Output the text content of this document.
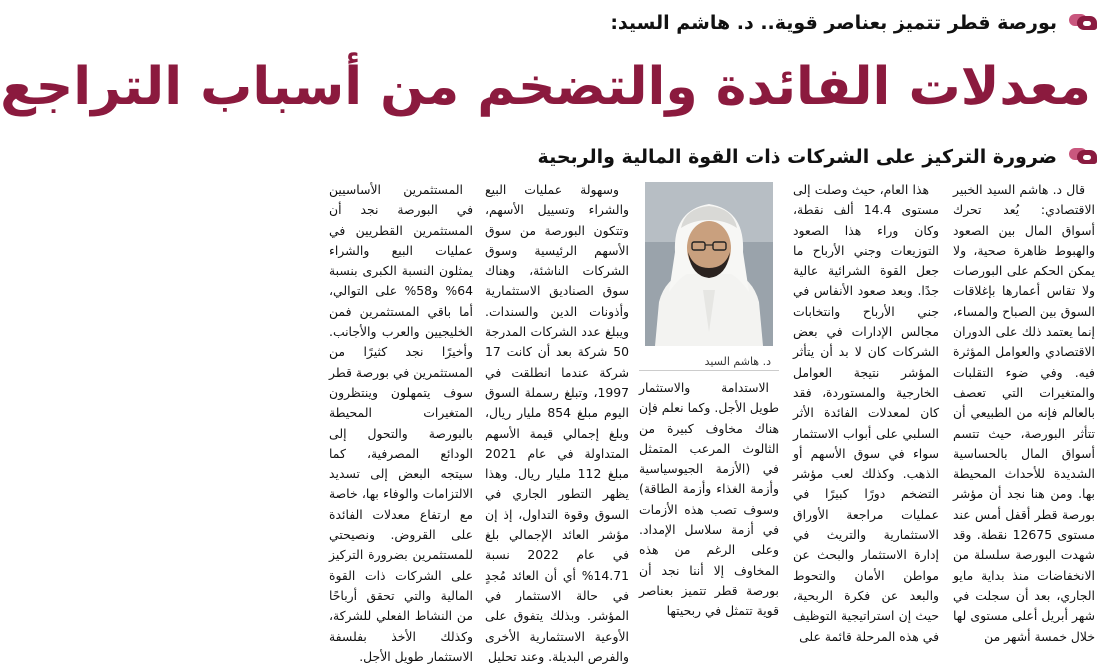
بورصة قطر تتميز بعناصر قوية.. د. هاشم السيد:
معدلات الفائدة والتضخم من أسباب التراجع
ضرورة التركيز على الشركات ذات القوة المالية والربحية

قال د. هاشم السيد الخبير الاقتصادي: يُعد تحرك أسواق المال بين الصعود والهبوط ظاهرة صحية، ولا يمكن الحكم على البورصات ولا تقاس أعمارها بإغلاقات السوق بين الصباح والمساء، إنما يعتمد ذلك على الدوران الاقتصادي والعوامل المؤثرة فيه. وفي ضوء التقلبات والمتغيرات التي تعصف بالعالم فإنه من الطبيعي أن تتأثر البورصة، حيث تتسم أسواق المال بالحساسية الشديدة للأحداث المحيطة بها. ومن هنا نجد أن مؤشر بورصة قطر أقفل أمس عند مستوى 12675 نقطة. وقد شهدت البورصة سلسلة من الانخفاضات منذ بداية مايو الجاري، بعد أن سجلت في شهر أبريل أعلى مستوى لها خلال خمسة أشهر من

هذا العام، حيث وصلت إلى مستوى 14.4 ألف نقطة، وكان وراء هذا الصعود التوزيعات وجني الأرباح ما جعل القوة الشرائية عالية جدًا. وبعد صعود الأنفاس في جني الأرباح وانتخابات مجالس الإدارات في بعض الشركات كان لا بد أن يتأثر المؤشر نتيجة العوامل الخارجية والمستوردة، فقد كان لمعدلات الفائدة الأثر السلبي على أبواب الاستثمار سواء في سوق الأسهم أو الذهب. وكذلك لعب مؤشر التضخم دورًا كبيرًا في عمليات مراجعة الأوراق الاستثمارية والتريث في إدارة الاستثمار والبحث عن مواطن الأمان والتحوط والبعد عن فكرة الربحية، حيث إن استراتيجية التوظيف في هذه المرحلة قائمة على

د. هاشم السيد

الاستدامة والاستثمار طويل الأجل. وكما نعلم فإن هناك مخاوف كبيرة من الثالوث المرعب المتمثل في (الأزمة الجيوسياسية وأزمة الغذاء وأزمة الطاقة) وسوف تصب هذه الأزمات في أزمة سلاسل الإمداد. وعلى الرغم من هذه المخاوف إلا أننا نجد أن بورصة قطر تتميز بعناصر قوية تتمثل في ربحيتها

وسهولة عمليات البيع والشراء وتسييل الأسهم، وتتكون البورصة من سوق الأسهم الرئيسية وسوق الشركات الناشئة، وهناك سوق الصناديق الاستثمارية وأذونات الدين والسندات. ويبلغ عدد الشركات المدرجة 50 شركة بعد أن كانت 17 شركة عندما انطلقت في 1997، وتبلغ رسملة السوق اليوم مبلغ 854 مليار ريال، وبلغ إجمالي قيمة الأسهم المتداولة في عام 2021 مبلغ 112 مليار ريال. وهذا يظهر التطور الجاري في السوق وقوة التداول، إذ إن مؤشر العائد الإجمالي بلغ في عام 2022 نسبة 14.71% أي أن العائد مُجدٍ في حالة الاستثمار في المؤشر. وبذلك يتفوق على الأوعية الاستثمارية الأخرى والفرص البديلة. وعند تحليل

المستثمرين الأساسيين في البورصة نجد أن المستثمرين القطريين في عمليات البيع والشراء يمثلون النسبة الكبرى بنسبة 64% و58% على التوالي، أما باقي المستثمرين فمن الخليجيين والعرب والأجانب. وأخيرًا نجد كثيرًا من المستثمرين في بورصة قطر سوف يتمهلون وينتظرون المتغيرات المحيطة بالبورصة والتحول إلى الودائع المصرفية، كما سيتجه البعض إلى تسديد الالتزامات والوفاء بها، خاصة مع ارتفاع معدلات الفائدة على القروض. ونصيحتي للمستثمرين بضرورة التركيز على الشركات ذات القوة المالية والتي تحقق أرباحًا من النشاط الفعلي للشركة، وكذلك الأخذ بفلسفة الاستثمار طويل الأجل.
